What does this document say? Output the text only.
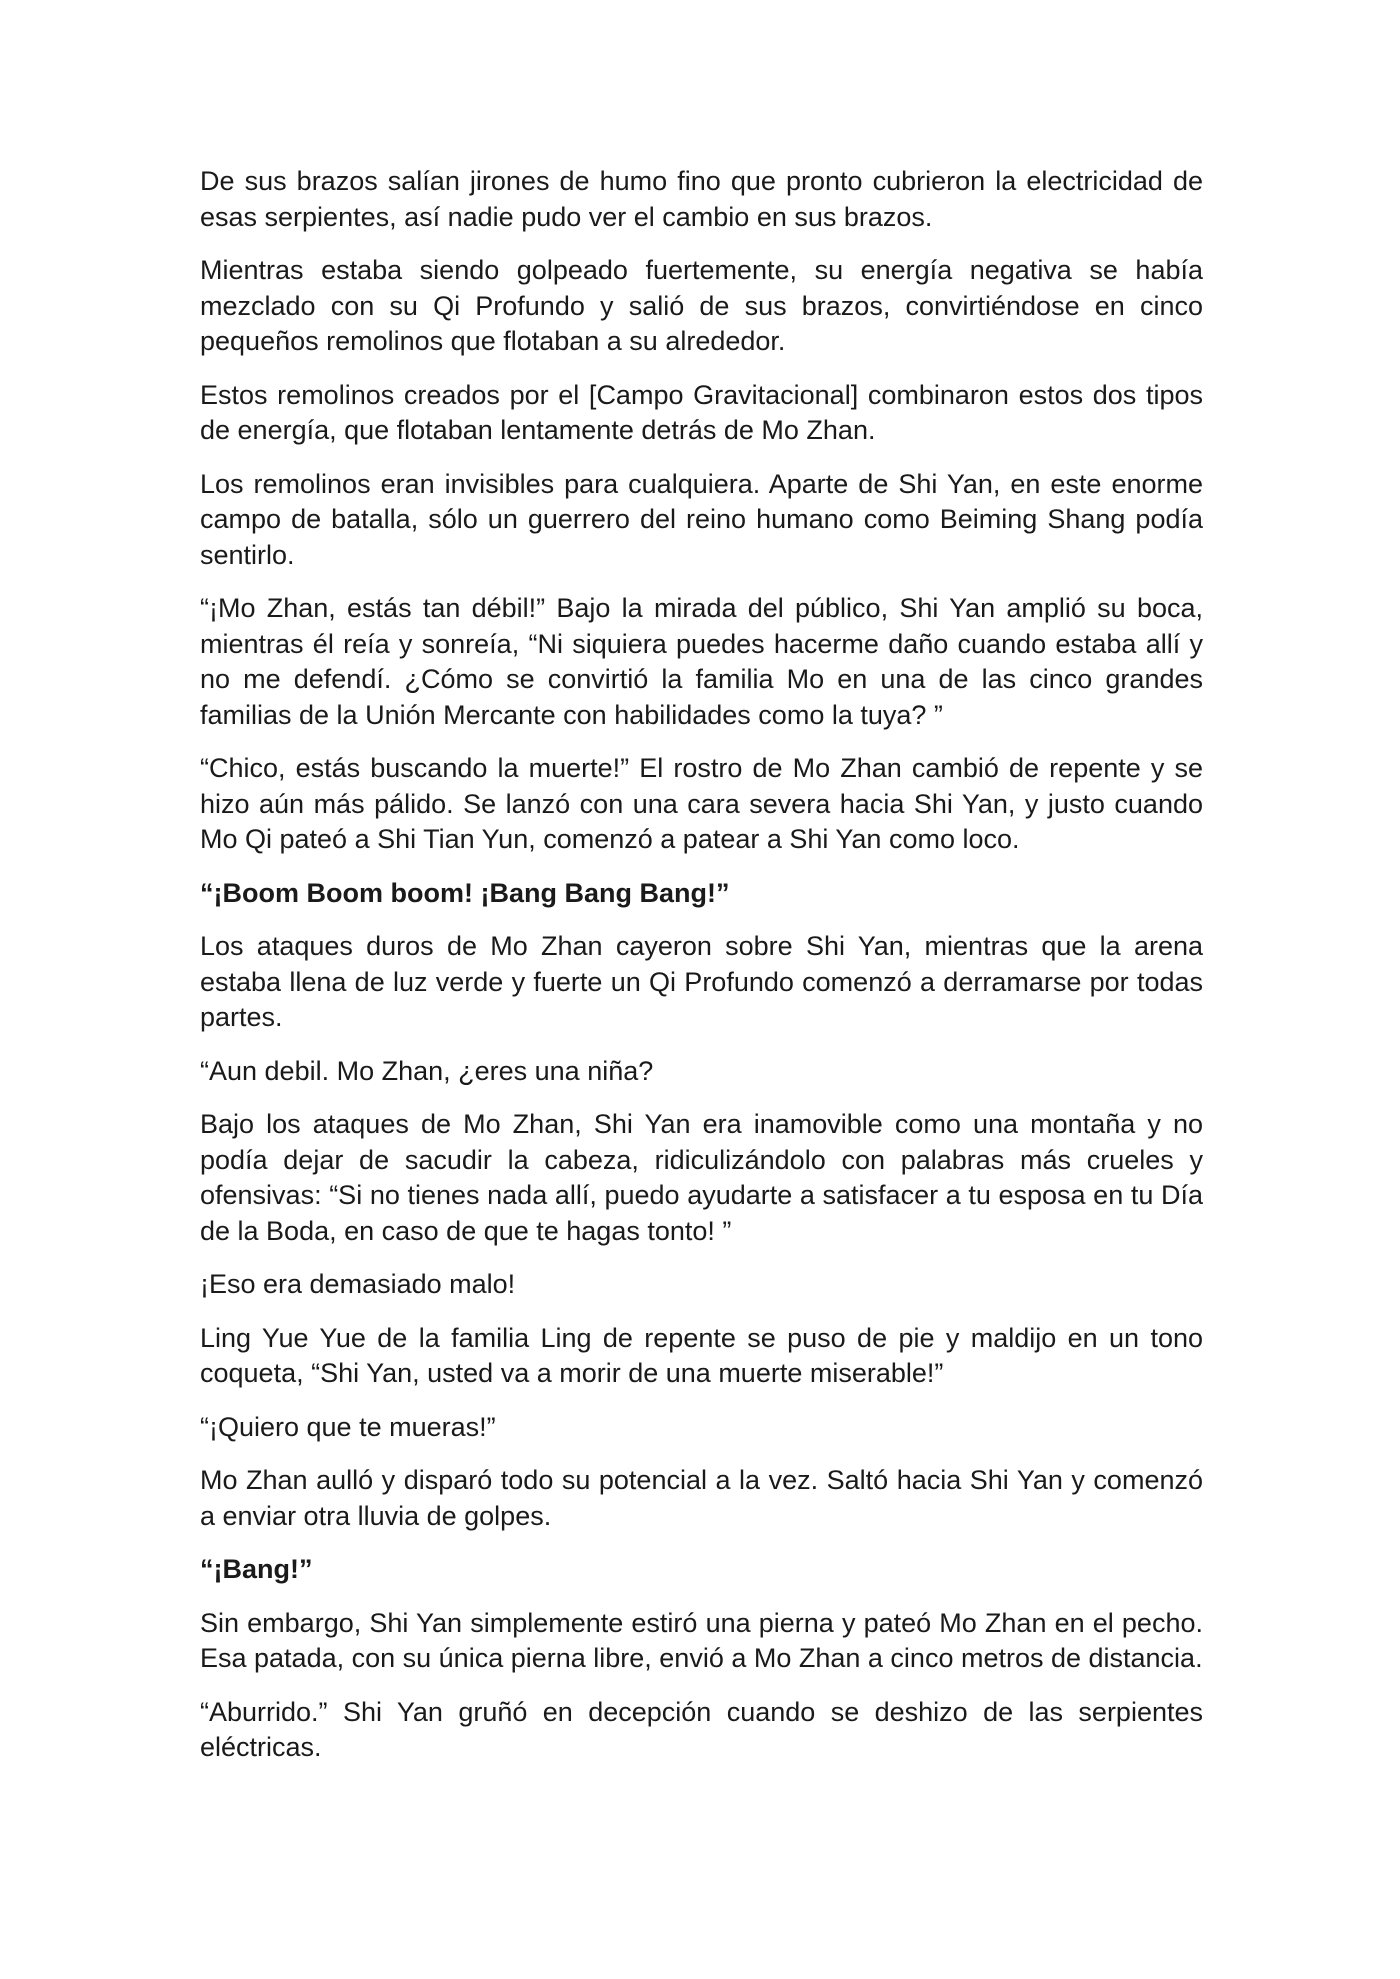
De sus brazos salían jirones de humo fino que pronto cubrieron la electricidad de esas serpientes, así nadie pudo ver el cambio en sus brazos.

Mientras estaba siendo golpeado fuertemente, su energía negativa se había mezclado con su Qi Profundo y salió de sus brazos, convirtiéndose en cinco pequeños remolinos que flotaban a su alrededor.

Estos remolinos creados por el [Campo Gravitacional] combinaron estos dos tipos de energía, que flotaban lentamente detrás de Mo Zhan.

Los remolinos eran invisibles para cualquiera. Aparte de Shi Yan, en este enorme campo de batalla, sólo un guerrero del reino humano como Beiming Shang podía sentirlo.

“¡Mo Zhan, estás tan débil!” Bajo la mirada del público, Shi Yan amplió su boca, mientras él reía y sonreía, “Ni siquiera puedes hacerme daño cuando estaba allí y no me defendí. ¿Cómo se convirtió la familia Mo en una de las cinco grandes familias de la Unión Mercante con habilidades como la tuya? ”

“Chico, estás buscando la muerte!” El rostro de Mo Zhan cambió de repente y se hizo aún más pálido. Se lanzó con una cara severa hacia Shi Yan, y justo cuando Mo Qi pateó a Shi Tian Yun, comenzó a patear a Shi Yan como loco.

“¡Boom Boom boom! ¡Bang Bang Bang!”

Los ataques duros de Mo Zhan cayeron sobre Shi Yan, mientras que la arena estaba llena de luz verde y fuerte un Qi Profundo comenzó a derramarse por todas partes.

“Aun debil. Mo Zhan, ¿eres una niña?

Bajo los ataques de Mo Zhan, Shi Yan era inamovible como una montaña y no podía dejar de sacudir la cabeza, ridiculizándolo con palabras más crueles y ofensivas: “Si no tienes nada allí, puedo ayudarte a satisfacer a tu esposa en tu Día de la Boda, en caso de que te hagas tonto! ”

¡Eso era demasiado malo!

Ling Yue Yue de la familia Ling de repente se puso de pie y maldijo en un tono coqueta, “Shi Yan, usted va a morir de una muerte miserable!”

“¡Quiero que te mueras!”

Mo Zhan aulló y disparó todo su potencial a la vez. Saltó hacia Shi Yan y comenzó a enviar otra lluvia de golpes.

“¡Bang!”

Sin embargo, Shi Yan simplemente estiró una pierna y pateó Mo Zhan en el pecho. Esa patada, con su única pierna libre, envió a Mo Zhan a cinco metros de distancia.

“Aburrido.” Shi Yan gruñó en decepción cuando se deshizo de las serpientes eléctricas.
